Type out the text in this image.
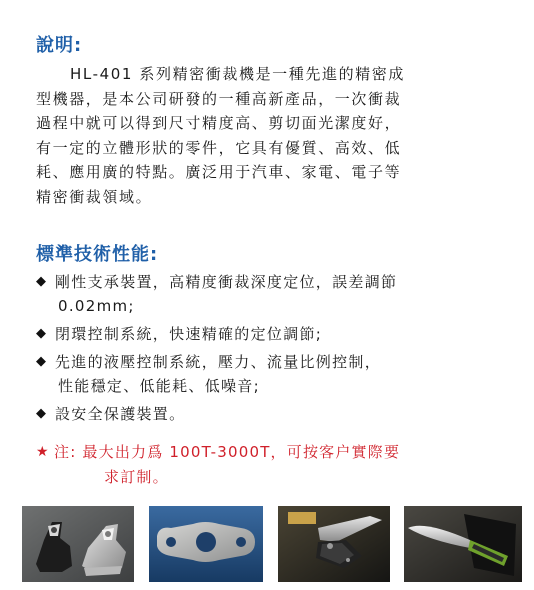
說明:
HL-401 系列精密衝裁機是一種先進的精密成
型機器，是本公司研發的一種高新產品，一次衝裁
過程中就可以得到尺寸精度高、剪切面光潔度好，
有一定的立體形狀的零件，它具有優質、高效、低
耗、應用廣的特點。廣泛用于汽車、家電、電子等
精密衝裁領域。
標準技術性能:
◆ 剛性支承裝置，高精度衝裁深度定位，誤差調節
0.02mm;
◆ 閉環控制系統，快速精確的定位調節;
◆ 先進的液壓控制系統，壓力、流量比例控制，
性能穩定、低能耗、低噪音;
◆ 設安全保護裝置。
★ 注: 最大出力爲 100T-3000T，可按客户實際要
求訂制。
